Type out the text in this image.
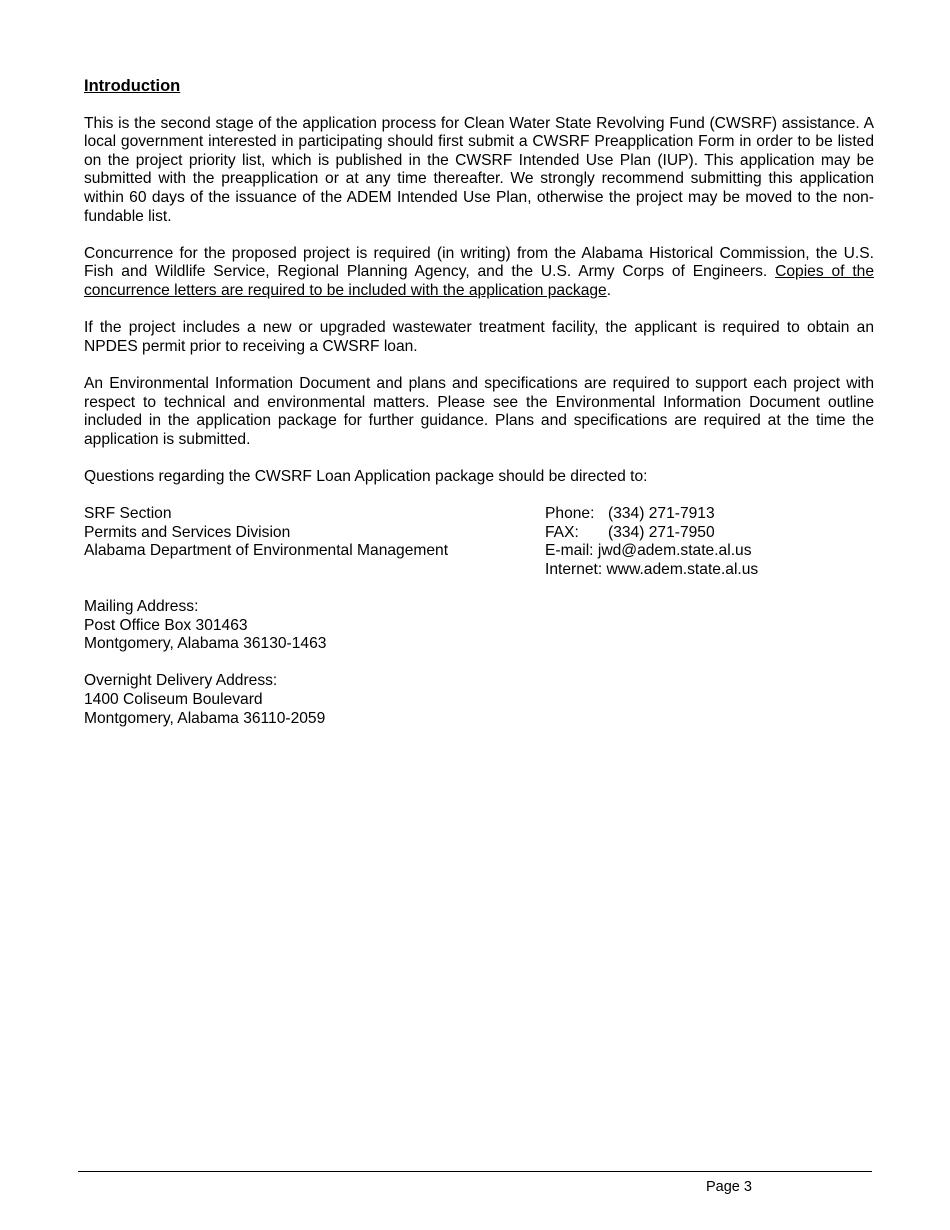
Introduction

This is the second stage of the application process for Clean Water State Revolving Fund (CWSRF) assistance. A local government interested in participating should first submit a CWSRF Preapplication Form in order to be listed on the project priority list, which is published in the CWSRF Intended Use Plan (IUP). This application may be submitted with the preapplication or at any time thereafter. We strongly recommend submitting this application within 60 days of the issuance of the ADEM Intended Use Plan, otherwise the project may be moved to the non-fundable list.

Concurrence for the proposed project is required (in writing) from the Alabama Historical Commission, the U.S. Fish and Wildlife Service, Regional Planning Agency, and the U.S. Army Corps of Engineers. Copies of the concurrence letters are required to be included with the application package.

If the project includes a new or upgraded wastewater treatment facility, the applicant is required to obtain an NPDES permit prior to receiving a CWSRF loan.

An Environmental Information Document and plans and specifications are required to support each project with respect to technical and environmental matters. Please see the Environmental Information Document outline included in the application package for further guidance. Plans and specifications are required at the time the application is submitted.

Questions regarding the CWSRF Loan Application package should be directed to:

SRF Section
Permits and Services Division
Alabama Department of Environmental Management
Phone: (334) 271-7913
FAX: (334) 271-7950
E-mail: jwd@adem.state.al.us
Internet: www.adem.state.al.us
Mailing Address:
Post Office Box 301463
Montgomery, Alabama 36130-1463
Overnight Delivery Address:
1400 Coliseum Boulevard
Montgomery, Alabama 36110-2059
Page 3
